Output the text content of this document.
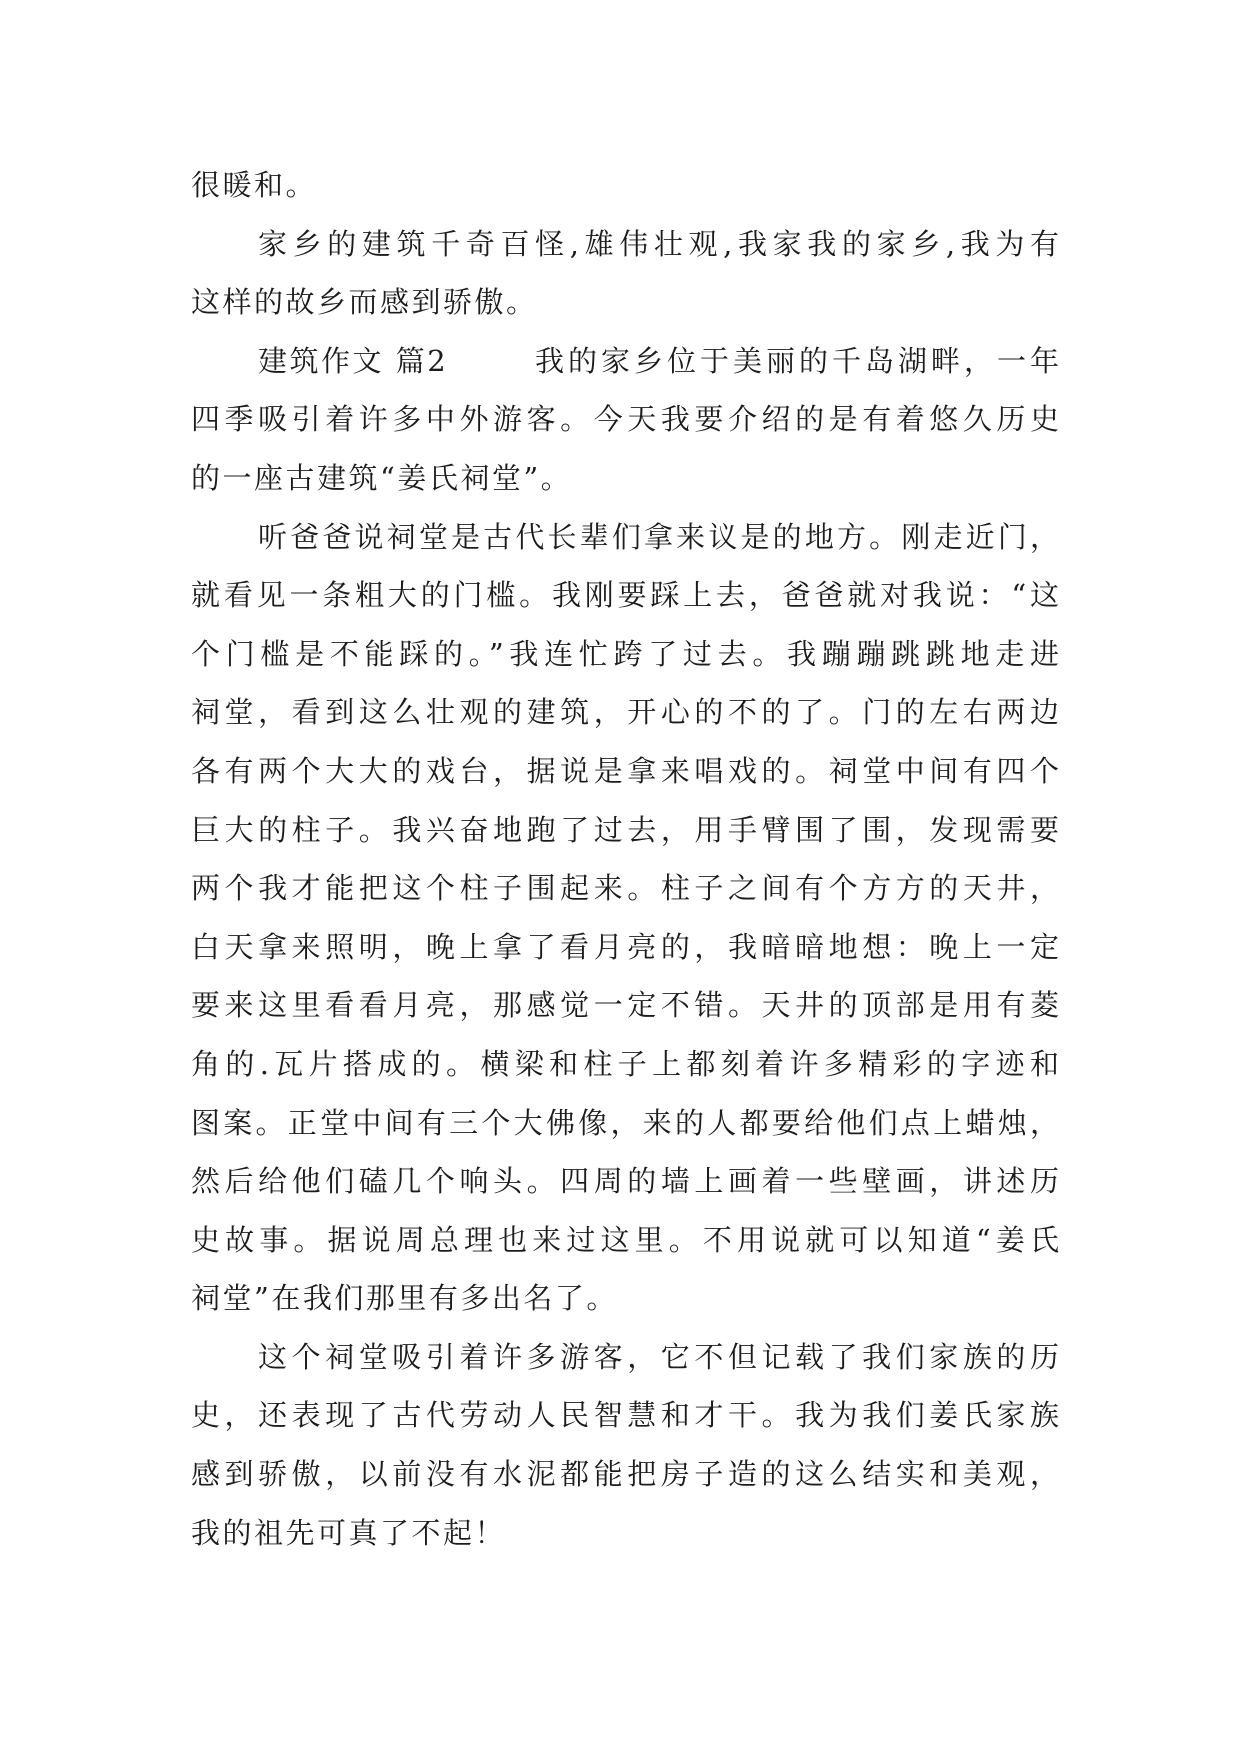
很暖和。
家乡的建筑千奇百怪,雄伟壮观,我家我的家乡,我为有
这样的故乡而感到骄傲。
建筑作文 篇2	我的家乡位于美丽的千岛湖畔，一年
四季吸引着许多中外游客。今天我要介绍的是有着悠久历史
的一座古建筑“姜氏祠堂”。
听爸爸说祠堂是古代长辈们拿来议是的地方。刚走近门，
就看见一条粗大的门槛。我刚要踩上去，爸爸就对我说：“这
个门槛是不能踩的。”我连忙跨了过去。我蹦蹦跳跳地走进
祠堂，看到这么壮观的建筑，开心的不的了。门的左右两边
各有两个大大的戏台，据说是拿来唱戏的。祠堂中间有四个
巨大的柱子。我兴奋地跑了过去，用手臂围了围，发现需要
两个我才能把这个柱子围起来。柱子之间有个方方的天井，
白天拿来照明，晚上拿了看月亮的，我暗暗地想：晚上一定
要来这里看看月亮，那感觉一定不错。天井的顶部是用有菱
角的.瓦片搭成的。横梁和柱子上都刻着许多精彩的字迹和
图案。正堂中间有三个大佛像，来的人都要给他们点上蜡烛，
然后给他们磕几个响头。四周的墙上画着一些壁画，讲述历
史故事。据说周总理也来过这里。不用说就可以知道“姜氏
祠堂”在我们那里有多出名了。
这个祠堂吸引着许多游客，它不但记载了我们家族的历
史，还表现了古代劳动人民智慧和才干。我为我们姜氏家族
感到骄傲，以前没有水泥都能把房子造的这么结实和美观，
我的祖先可真了不起！
